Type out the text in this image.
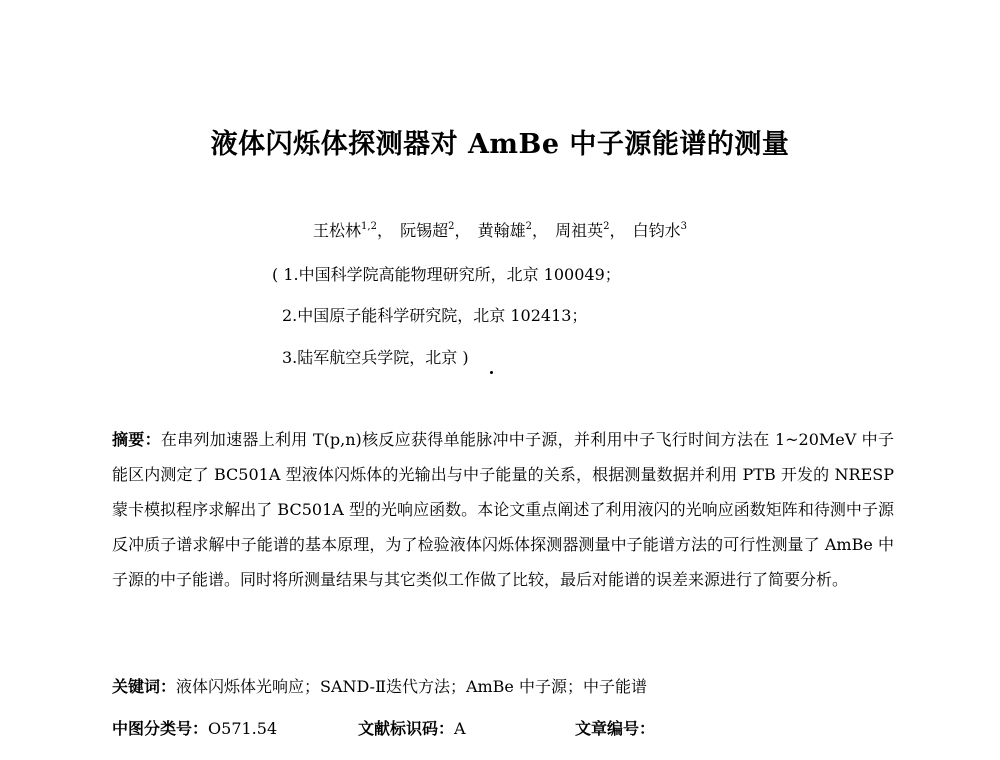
液体闪烁体探测器对 AmBe 中子源能谱的测量
王松林$^{1,2}$， 阮锡超$^2$， 黄翰雄$^2$， 周祖英$^2$， 白钧水$^3$
( 1.中国科学院高能物理研究所，北京 100049；
2.中国原子能科学研究院，北京 102413；
3.陆军航空兵学院，北京 )
摘要：在串列加速器上利用 T(p,n)核反应获得单能脉冲中子源，并利用中子飞行时间方法在 1~20MeV 中子能区内测定了 BC501A 型液体闪烁体的光输出与中子能量的关系，根据测量数据并利用 PTB 开发的 NRESP 蒙卡模拟程序求解出了 BC501A 型的光响应函数。本论文重点阐述了利用液闪的光响应函数矩阵和待测中子源反冲质子谱求解中子能谱的基本原理，为了检验液体闪烁体探测器测量中子能谱方法的可行性测量了 AmBe 中子源的中子能谱。同时将所测量结果与其它类似工作做了比较，最后对能谱的误差来源进行了简要分析。
关键词：液体闪烁体光响应；SAND-Ⅱ迭代方法；AmBe 中子源；中子能谱
中图分类号：O571.54	文献标识码：A	文章编号：
